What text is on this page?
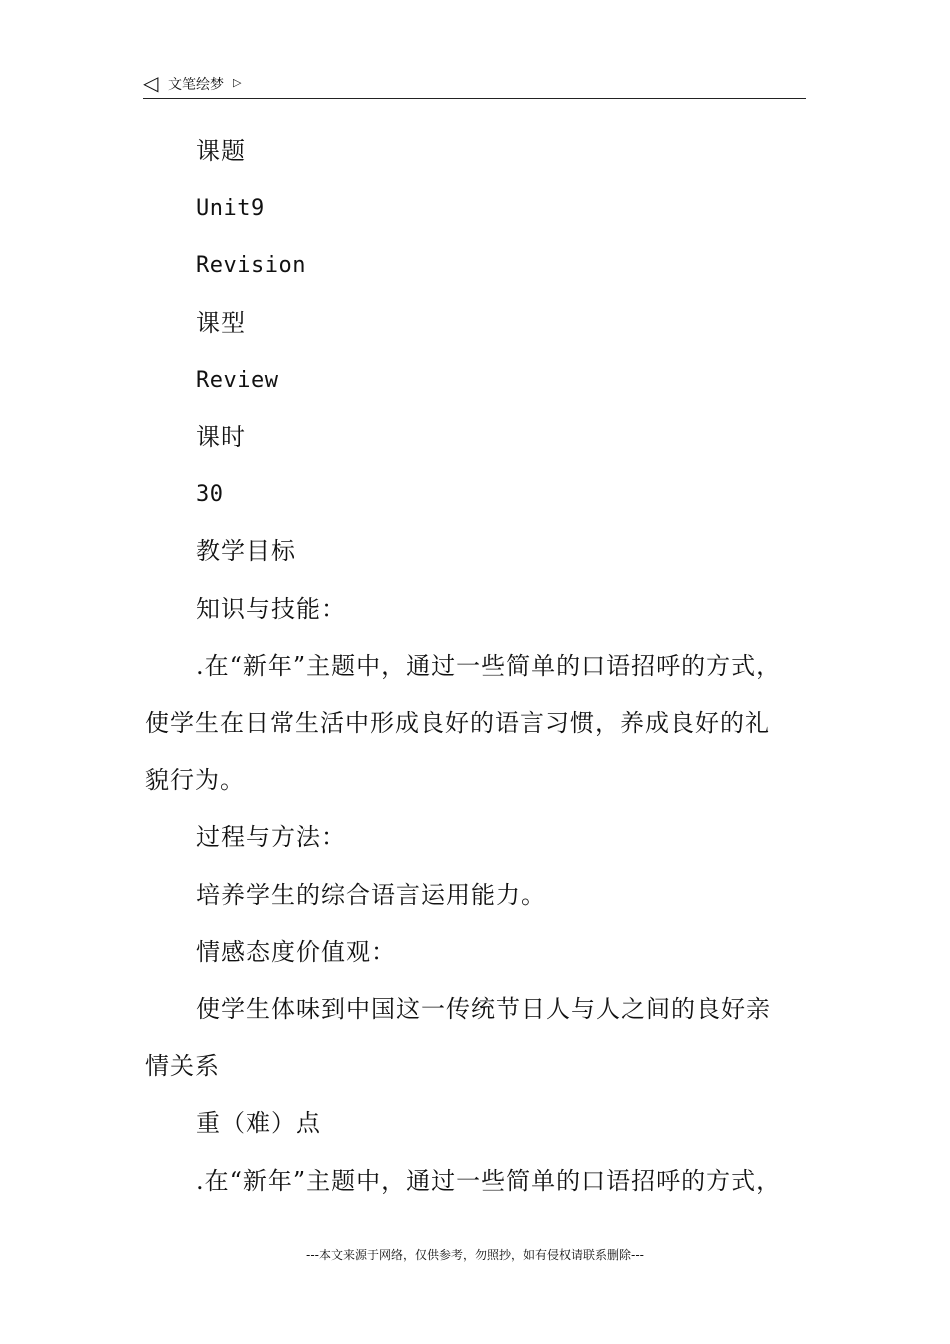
◁ 文笔绘梦 ▷
课题
Unit9
Revision
课型
Review
课时
30
教学目标
知识与技能：
.在“新年”主题中，通过一些简单的口语招呼的方式，
使学生在日常生活中形成良好的语言习惯，养成良好的礼
貌行为。
过程与方法：
培养学生的综合语言运用能力。
情感态度价值观：
使学生体味到中国这一传统节日人与人之间的良好亲
情关系
重（难）点
.在“新年”主题中，通过一些简单的口语招呼的方式，
---本文来源于网络，仅供参考，勿照抄，如有侵权请联系删除---
